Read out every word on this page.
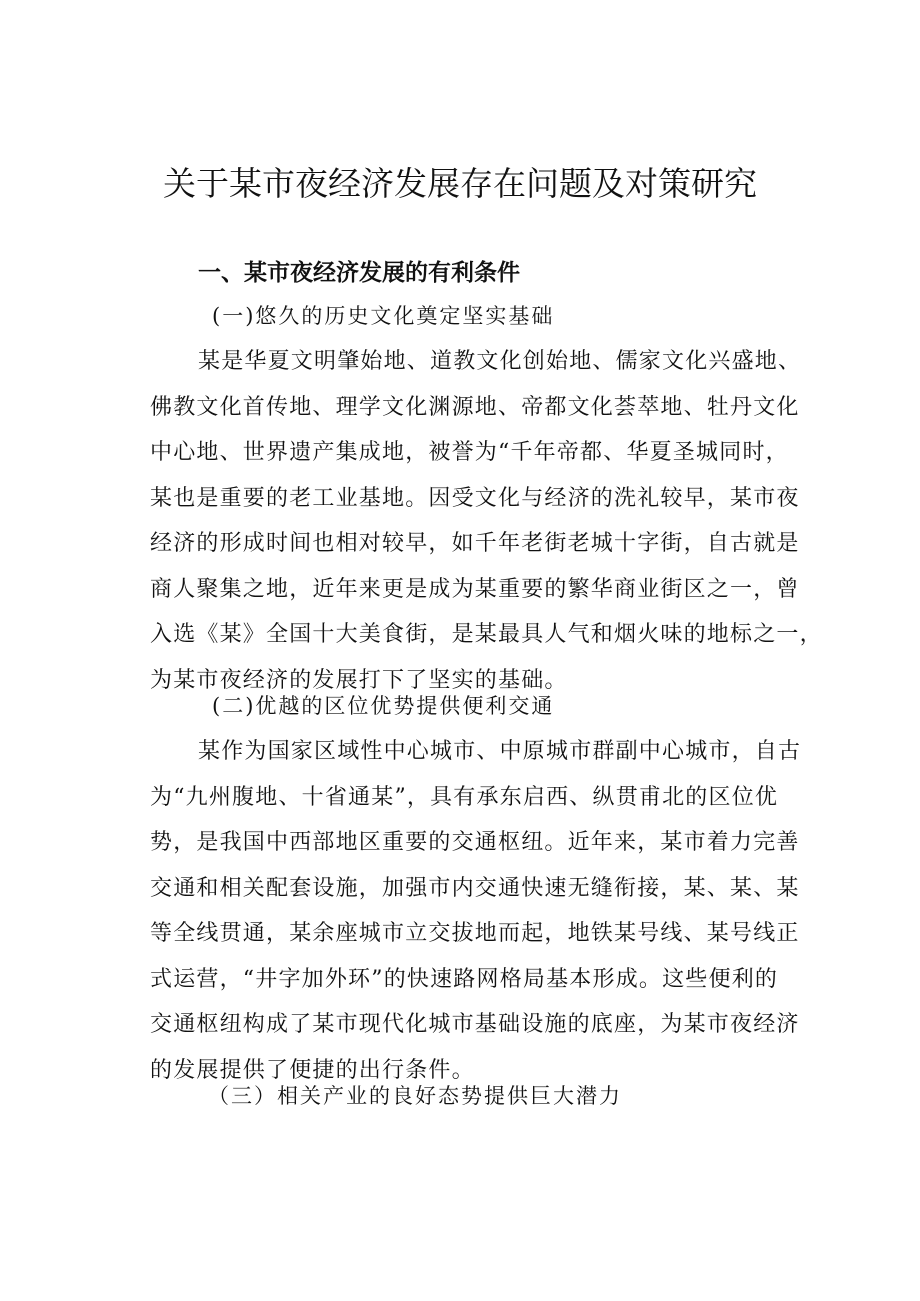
关于某市夜经济发展存在问题及对策研究
一、某市夜经济发展的有利条件
(一)悠久的历史文化奠定坚实基础
某是华夏文明肇始地、道教文化创始地、儒家文化兴盛地、
佛教文化首传地、理学文化渊源地、帝都文化荟萃地、牡丹文化
中心地、世界遗产集成地，被誉为“千年帝都、华夏圣城同时，
某也是重要的老工业基地。因受文化与经济的洗礼较早，某市夜
经济的形成时间也相对较早，如千年老街老城十字街，自古就是
商人聚集之地，近年来更是成为某重要的繁华商业街区之一，曾
入选《某》全国十大美食街，是某最具人气和烟火味的地标之一，
为某市夜经济的发展打下了坚实的基础。
(二)优越的区位优势提供便利交通
某作为国家区域性中心城市、中原城市群副中心城市，自古
为“九州腹地、十省通某”，具有承东启西、纵贯甫北的区位优
势，是我国中西部地区重要的交通枢纽。近年来，某市着力完善
交通和相关配套设施，加强市内交通快速无缝衔接，某、某、某
等全线贯通，某余座城市立交拔地而起，地铁某号线、某号线正
式运营，“井字加外环”的快速路网格局基本形成。这些便利的
交通枢纽构成了某市现代化城市基础设施的底座，为某市夜经济
的发展提供了便捷的出行条件。
（三）相关产业的良好态势提供巨大潜力
